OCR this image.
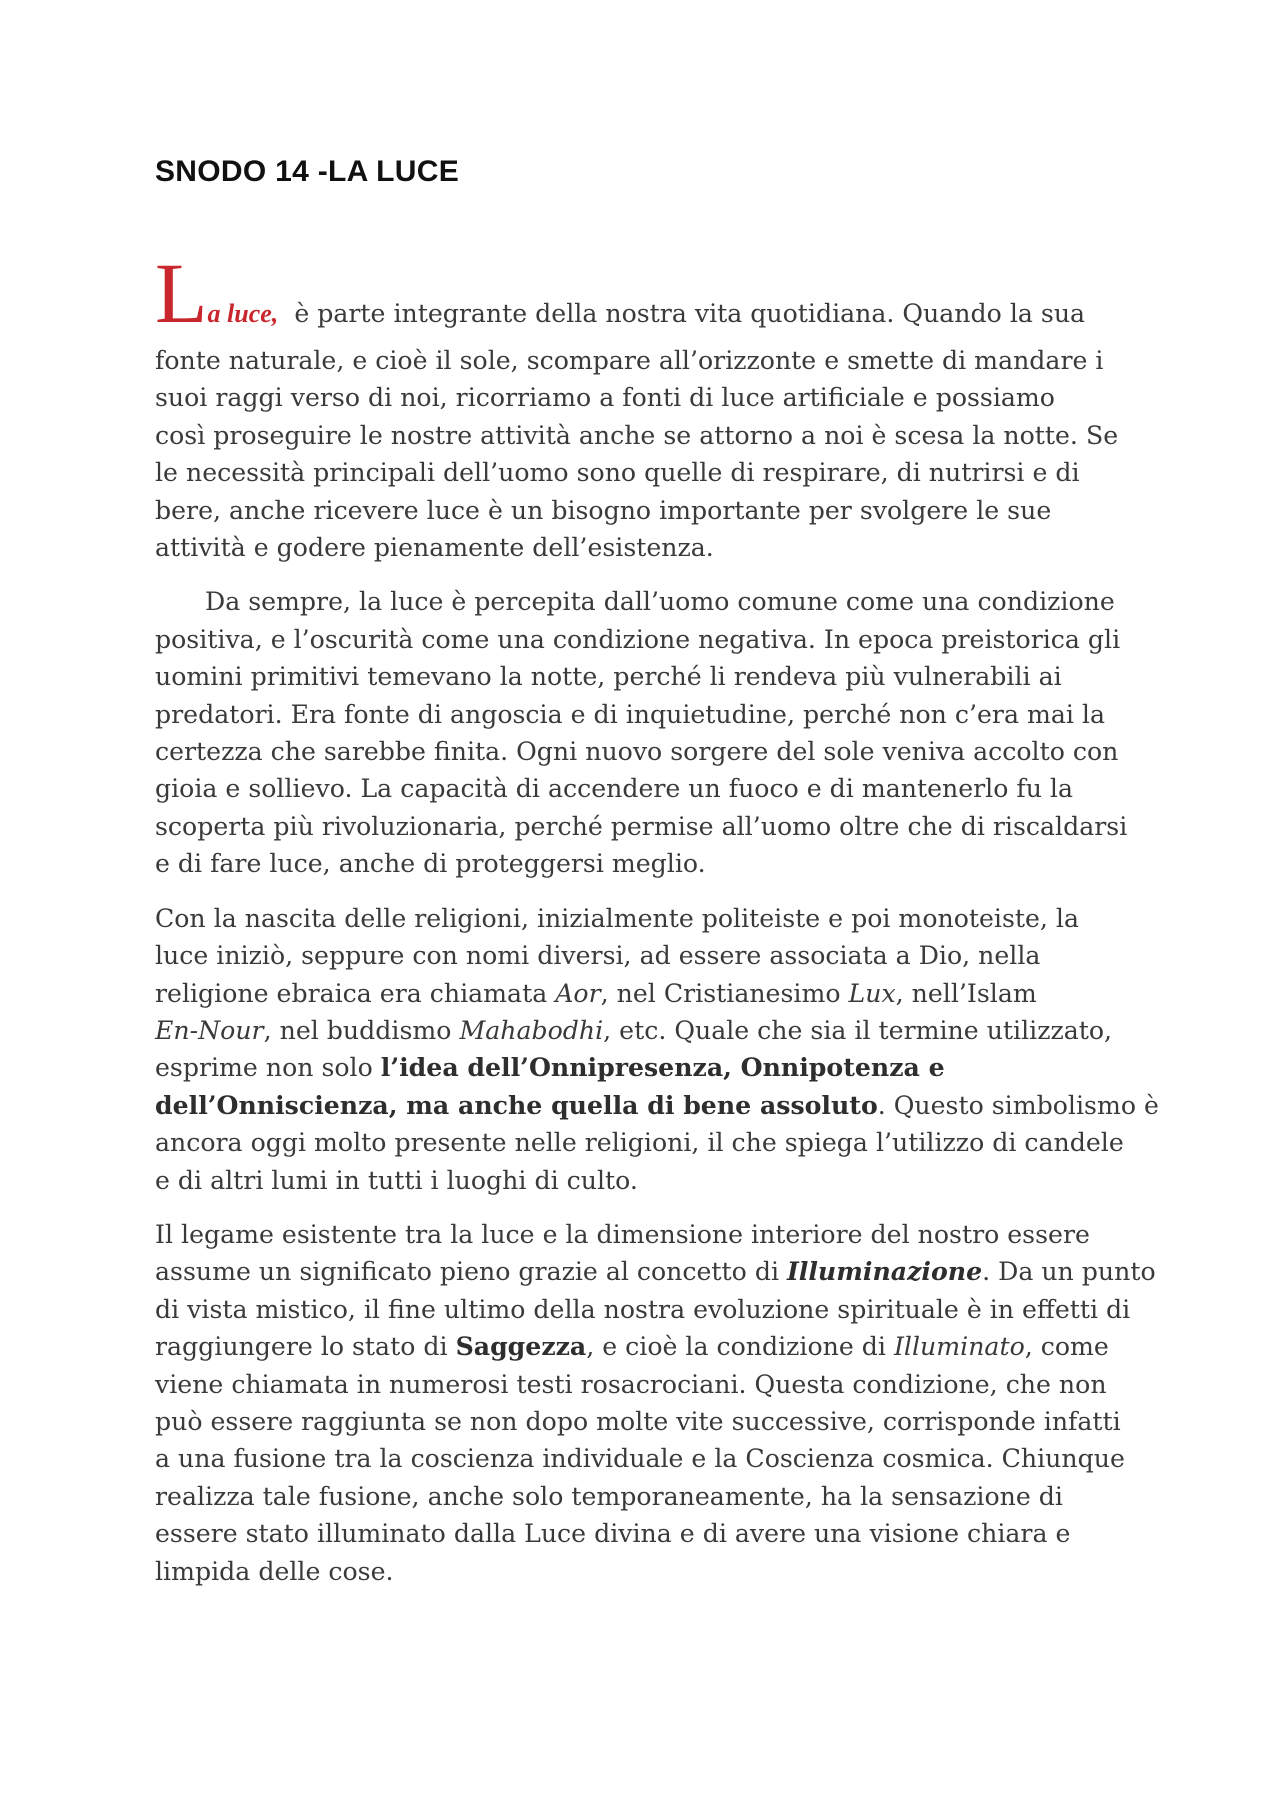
SNODO 14 -LA LUCE
La luce, è parte integrante della nostra vita quotidiana. Quando la sua

fonte naturale, e cioè il sole, scompare all’orizzonte e smette di mandare i
suoi raggi verso di noi, ricorriamo a fonti di luce artificiale e possiamo
così proseguire le nostre attività anche se attorno a noi è scesa la notte. Se
le necessità principali dell’uomo sono quelle di respirare, di nutrirsi e di
bere, anche ricevere luce è un bisogno importante per svolgere le sue
attività e godere pienamente dell’esistenza.

Da sempre, la luce è percepita dall’uomo comune come una condizione
positiva, e l’oscurità come una condizione negativa. In epoca preistorica gli
uomini primitivi temevano la notte, perché li rendeva più vulnerabili ai
predatori. Era fonte di angoscia e di inquietudine, perché non c’era mai la
certezza che sarebbe finita. Ogni nuovo sorgere del sole veniva accolto con
gioia e sollievo. La capacità di accendere un fuoco e di mantenerlo fu la
scoperta più rivoluzionaria, perché permise all’uomo oltre che di riscaldarsi
e di fare luce, anche di proteggersi meglio.

Con la nascita delle religioni, inizialmente politeiste e poi monoteiste, la
luce iniziò, seppure con nomi diversi, ad essere associata a Dio, nella
religione ebraica era chiamata Aor, nel Cristianesimo Lux, nell’Islam
En-Nour, nel buddismo Mahabodhi, etc. Quale che sia il termine utilizzato,
esprime non solo l’idea dell’Onnipresenza, Onnipotenza e
dell’Onniscienza, ma anche quella di bene assoluto. Questo simbolismo è
ancora oggi molto presente nelle religioni, il che spiega l’utilizzo di candele
e di altri lumi in tutti i luoghi di culto.

Il legame esistente tra la luce e la dimensione interiore del nostro essere
assume un significato pieno grazie al concetto di Illuminazione. Da un punto
di vista mistico, il fine ultimo della nostra evoluzione spirituale è in effetti di
raggiungere lo stato di Saggezza, e cioè la condizione di Illuminato, come
viene chiamata in numerosi testi rosacrociani. Questa condizione, che non
può essere raggiunta se non dopo molte vite successive, corrisponde infatti
a una fusione tra la coscienza individuale e la Coscienza cosmica. Chiunque
realizza tale fusione, anche solo temporaneamente, ha la sensazione di
essere stato illuminato dalla Luce divina e di avere una visione chiara e
limpida delle cose.
